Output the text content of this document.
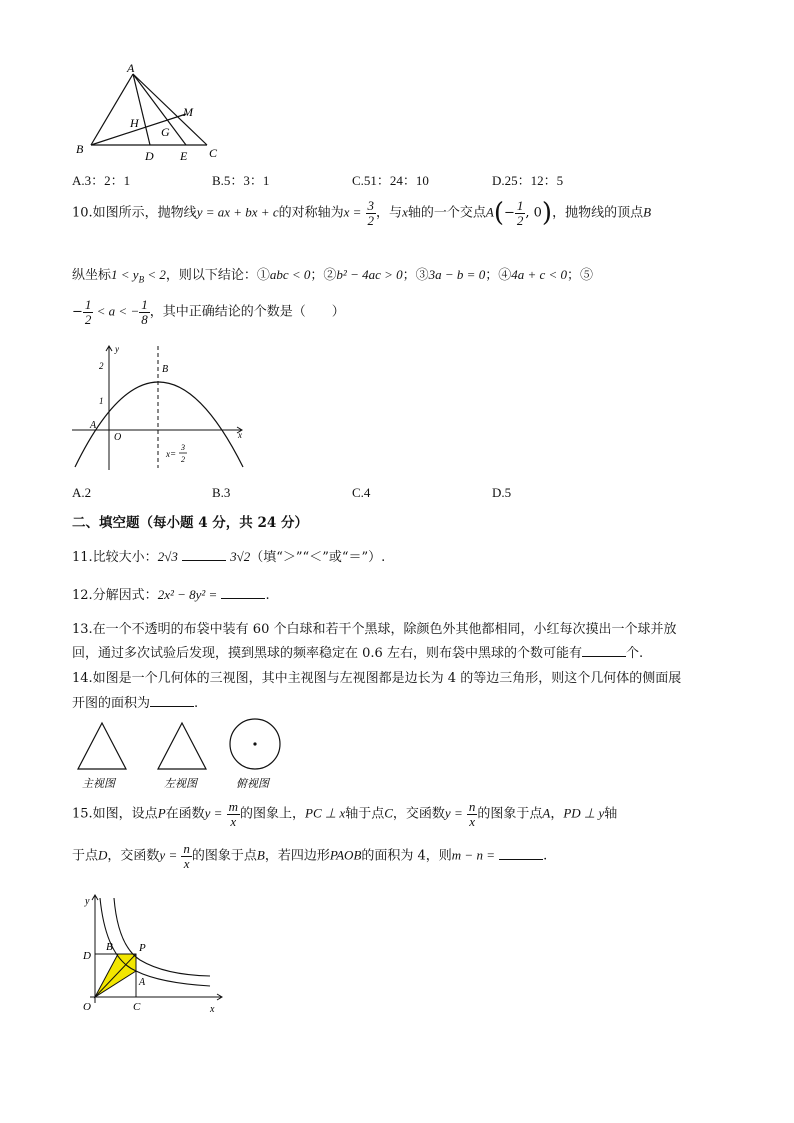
A
B	C
D E
H
G
M
A.3：2：1	B.5：3：1	C.51：24：10	D.25：12：5
10.如图所示，抛物线y = ax + bx + c的对称轴为$x = \frac{3}{2}$ ，与x轴的一个交点$A(- \frac{1}{2}$ , 0)，抛物线的顶点B
纵坐标$1 < y_B < 2$，则以下结论：①abc < 0；②b² − 4ac > 0；③3a − b = 0；④4a + c < 0；⑤
− $\frac{1}{2} < a$ < − $\frac{1}{8}$ ，其中正确结论的个数是（　　）
y
x
O
2
1
A
B
x=
3
2
A.2	B.3	C.4	D.5
二、填空题（每小题 4 分，共 24 分）
11.比较大小：2√3	3√2（填“＞”“＜”或“＝”）.
12.分解因式：2x² − 8y² =	.
13.在一个不透明的布袋中装有 60 个白球和若干个黑球，除颜色外其他都相同，小红每次摸出一个球并放
回，通过多次试验后发现，摸到黑球的频率稳定在 0.6 左右，则布袋中黑球的个数可能有	个.
14.如图是一个几何体的三视图，其中主视图与左视图都是边长为 4 的等边三角形，则这个几何体的侧面展
开图的面积为	.
主视图	左视图	俯视图
15.如图，设点P在函数$y = \frac{m}{x}$ 的图象上，PC ⊥ x轴于点C，交函数$y = \frac{n}{x}$ 的图象于点A，PD ⊥ y轴
于点D，交函数$y = \frac{n}{x}$ 的图象于点B，若四边形PAOB的面积为 4，则m − n =	.
y
x
O
D
B P
A
C
